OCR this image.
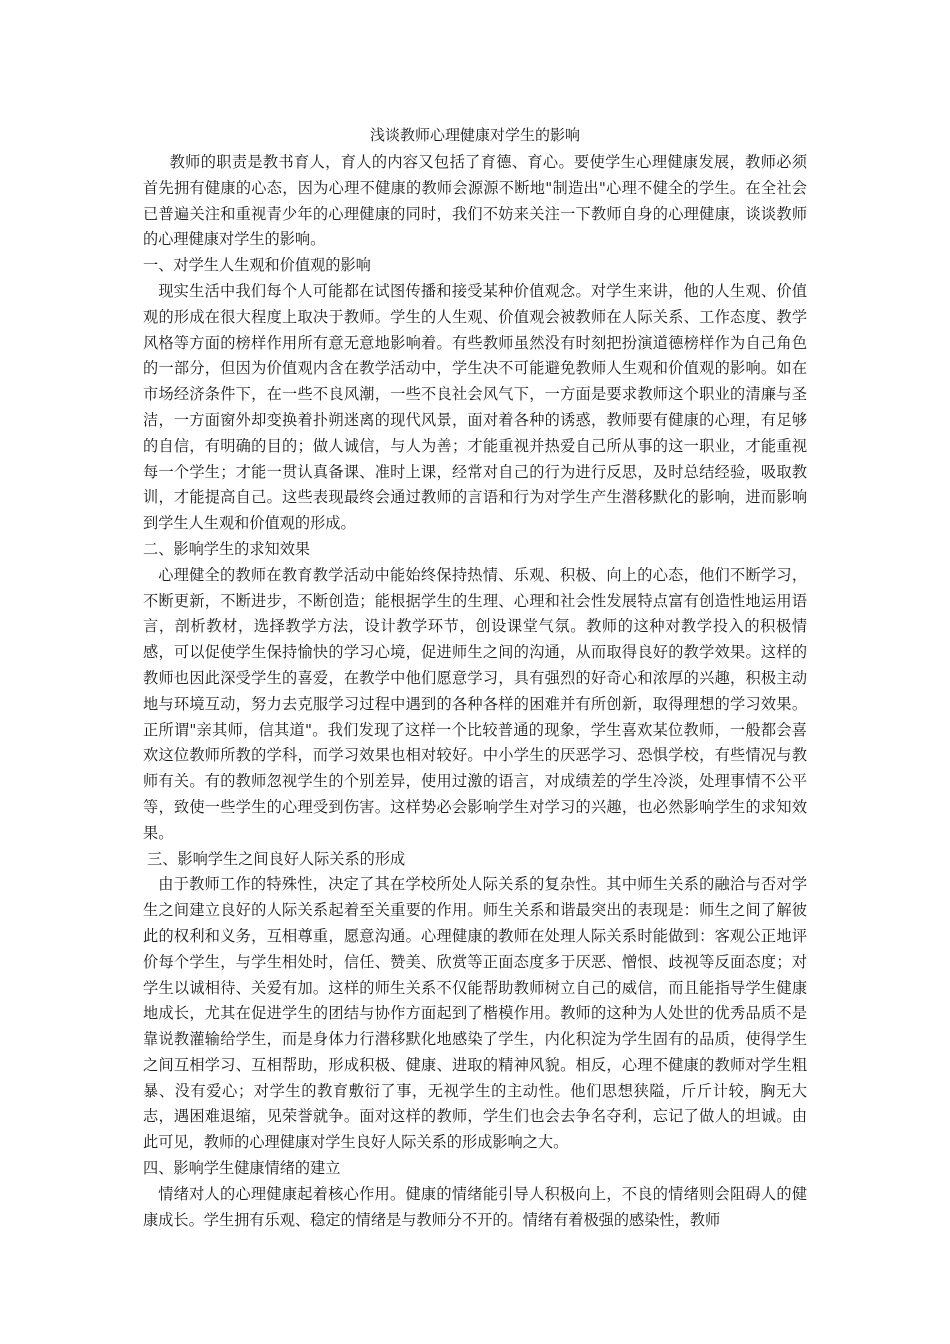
浅谈教师心理健康对学生的影响

教师的职责是教书育人，育人的内容又包括了育德、育心。要使学生心理健康发展，教师必须首先拥有健康的心态，因为心理不健康的教师会源源不断地"制造出"心理不健全的学生。在全社会已普遍关注和重视青少年的心理健康的同时，我们不妨来关注一下教师自身的心理健康，谈谈教师的心理健康对学生的影响。

一、对学生人生观和价值观的影响

现实生活中我们每个人可能都在试图传播和接受某种价值观念。对学生来讲，他的人生观、价值观的形成在很大程度上取决于教师。学生的人生观、价值观会被教师在人际关系、工作态度、教学风格等方面的榜样作用所有意无意地影响着。有些教师虽然没有时刻把扮演道德榜样作为自己角色的一部分，但因为价值观内含在教学活动中，学生决不可能避免教师人生观和价值观的影响。如在市场经济条件下，在一些不良风潮，一些不良社会风气下，一方面是要求教师这个职业的清廉与圣洁，一方面窗外却变换着扑朔迷离的现代风景，面对着各种的诱惑，教师要有健康的心理，有足够的自信，有明确的目的；做人诚信，与人为善；才能重视并热爱自己所从事的这一职业，才能重视每一个学生；才能一贯认真备课、准时上课，经常对自己的行为进行反思，及时总结经验，吸取教训，才能提高自己。这些表现最终会通过教师的言语和行为对学生产生潜移默化的影响，进而影响到学生人生观和价值观的形成。

二、影响学生的求知效果

心理健全的教师在教育教学活动中能始终保持热情、乐观、积极、向上的心态，他们不断学习，不断更新，不断进步，不断创造；能根据学生的生理、心理和社会性发展特点富有创造性地运用语言，剖析教材，选择教学方法，设计教学环节，创设课堂气氛。教师的这种对教学投入的积极情感，可以促使学生保持愉快的学习心境，促进师生之间的沟通，从而取得良好的教学效果。这样的教师也因此深受学生的喜爱，在教学中他们愿意学习，具有强烈的好奇心和浓厚的兴趣，积极主动地与环境互动，努力去克服学习过程中遇到的各种各样的困难并有所创新，取得理想的学习效果。正所谓"亲其师，信其道"。我们发现了这样一个比较普通的现象，学生喜欢某位教师，一般都会喜欢这位教师所教的学科，而学习效果也相对较好。中小学生的厌恶学习、恐惧学校，有些情况与教师有关。有的教师忽视学生的个别差异，使用过激的语言，对成绩差的学生冷淡，处理事情不公平等，致使一些学生的心理受到伤害。这样势必会影响学生对学习的兴趣，也必然影响学生的求知效果。

三、影响学生之间良好人际关系的形成

由于教师工作的特殊性，决定了其在学校所处人际关系的复杂性。其中师生关系的融洽与否对学生之间建立良好的人际关系起着至关重要的作用。师生关系和谐最突出的表现是：师生之间了解彼此的权利和义务，互相尊重，愿意沟通。心理健康的教师在处理人际关系时能做到：客观公正地评价每个学生，与学生相处时，信任、赞美、欣赏等正面态度多于厌恶、憎恨、歧视等反面态度；对学生以诚相待、关爱有加。这样的师生关系不仅能帮助教师树立自己的威信，而且能指导学生健康地成长，尤其在促进学生的团结与协作方面起到了楷模作用。教师的这种为人处世的优秀品质不是靠说教灌输给学生，而是身体力行潜移默化地感染了学生，内化积淀为学生固有的品质，使得学生之间互相学习、互相帮助，形成积极、健康、进取的精神风貌。相反，心理不健康的教师对学生粗暴、没有爱心；对学生的教育敷衍了事，无视学生的主动性。他们思想狭隘，斤斤计较，胸无大志，遇困难退缩，见荣誉就争。面对这样的教师，学生们也会去争名夺利，忘记了做人的坦诚。由此可见，教师的心理健康对学生良好人际关系的形成影响之大。

四、影响学生健康情绪的建立

情绪对人的心理健康起着核心作用。健康的情绪能引导人积极向上，不良的情绪则会阻碍人的健康成长。学生拥有乐观、稳定的情绪是与教师分不开的。情绪有着极强的感染性，教师
